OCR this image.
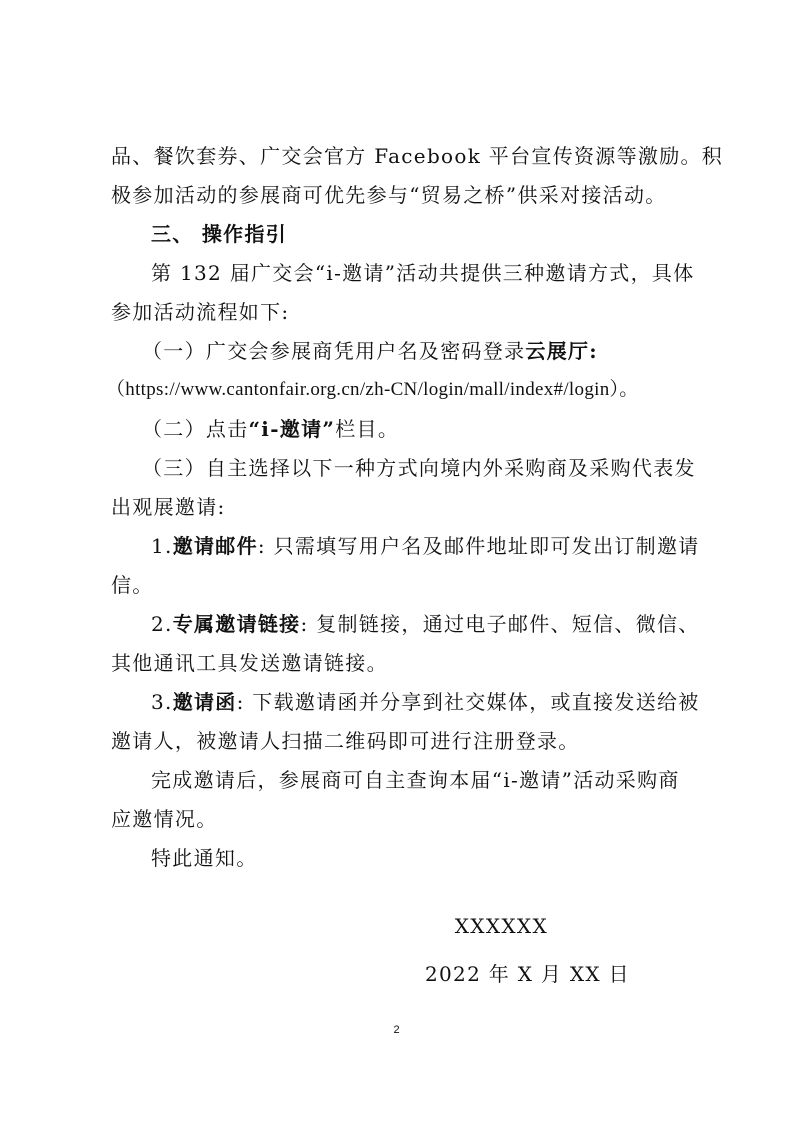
品、餐饮套券、广交会官方 Facebook 平台宣传资源等激励。积
极参加活动的参展商可优先参与“贸易之桥”供采对接活动。
三、 操作指引
第 132 届广交会“i-邀请”活动共提供三种邀请方式，具体
参加活动流程如下:
（一）广交会参展商凭用户名及密码登录云展厅:
（https://www.cantonfair.org.cn/zh-CN/login/mall/index#/login）。
（二）点击“i-邀请”栏目。
（三）自主选择以下一种方式向境内外采购商及采购代表发
出观展邀请:
1.邀请邮件: 只需填写用户名及邮件地址即可发出订制邀请
信。
2.专属邀请链接: 复制链接，通过电子邮件、短信、微信、
其他通讯工具发送邀请链接。
3.邀请函: 下载邀请函并分享到社交媒体，或直接发送给被
邀请人，被邀请人扫描二维码即可进行注册登录。
完成邀请后，参展商可自主查询本届“i-邀请”活动采购商
应邀情况。
特此通知。
XXXXXX
2022 年 X 月 XX 日
2
